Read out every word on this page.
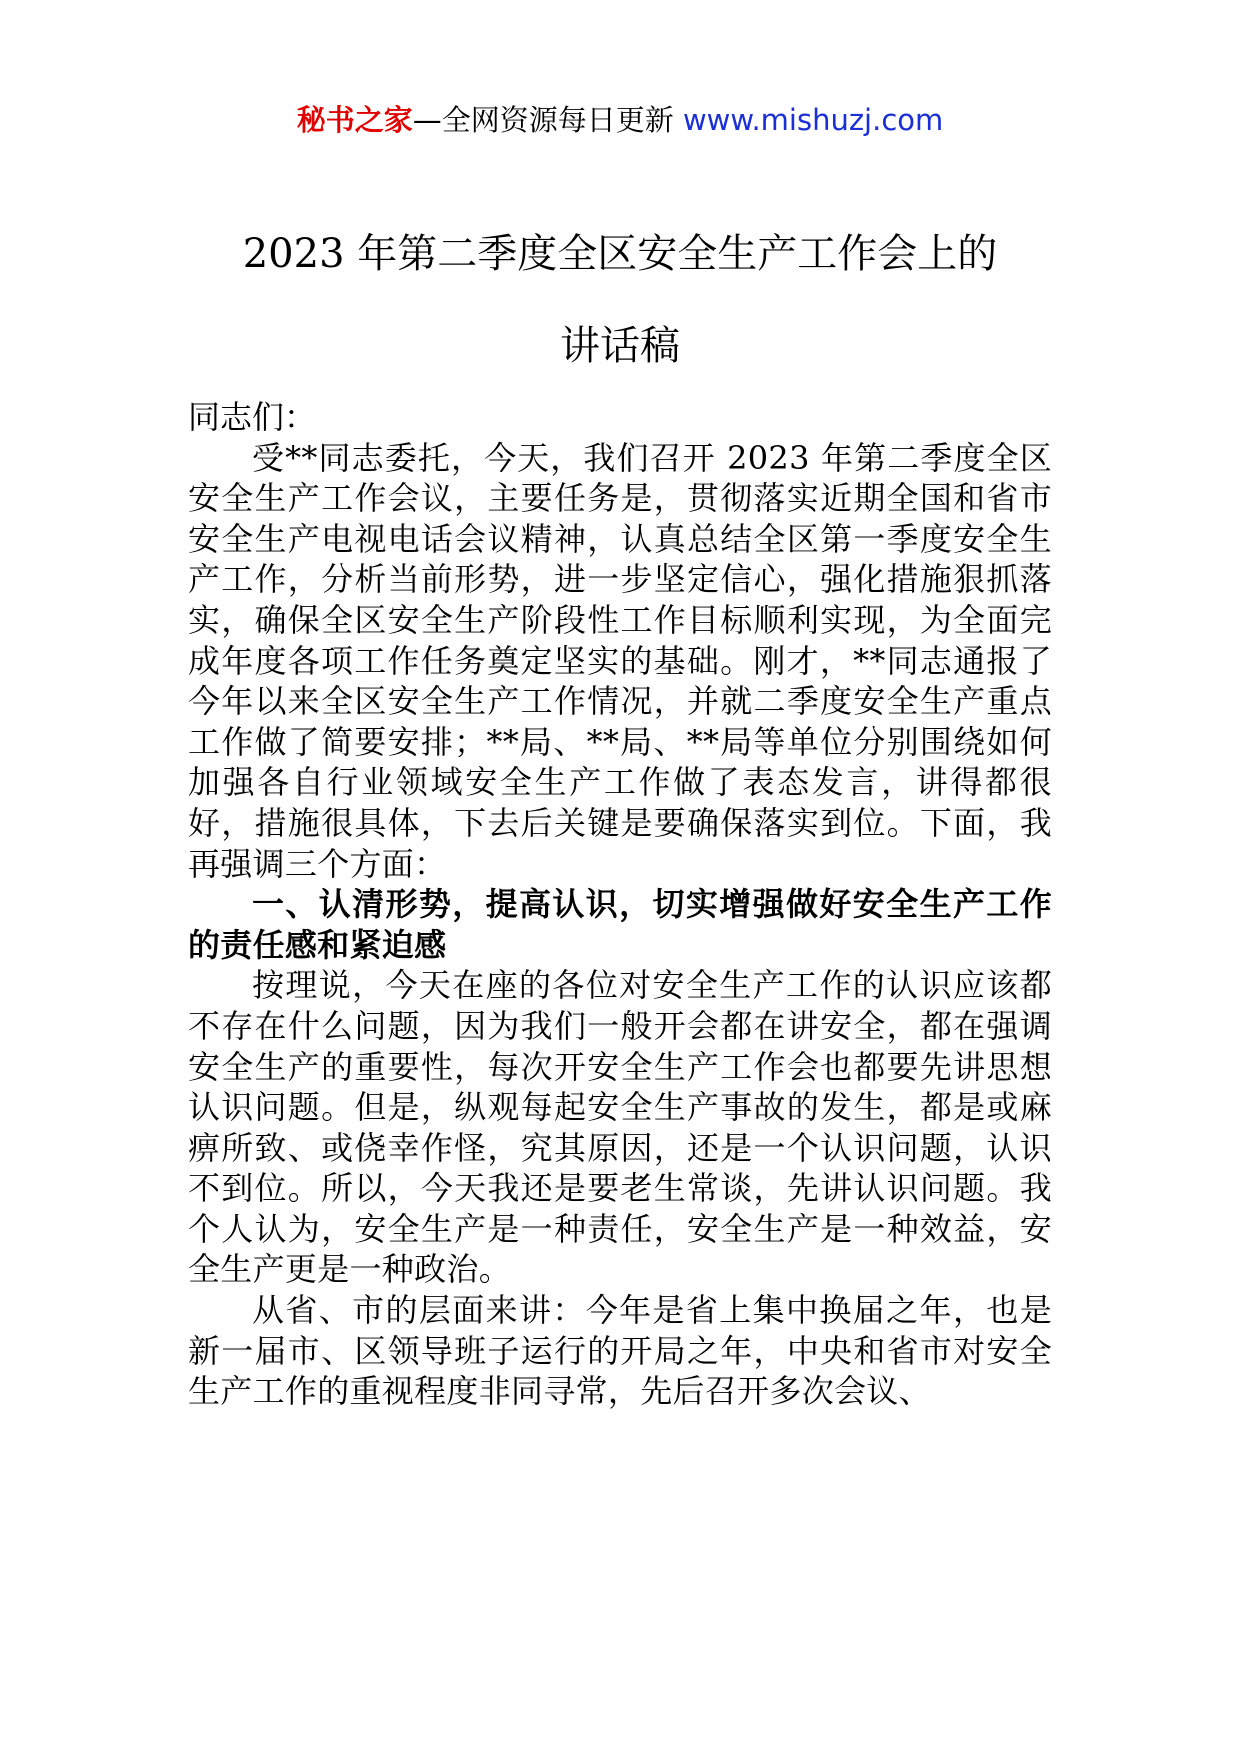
秘书之家—全网资源每日更新 www.mishuzj.com
2023 年第二季度全区安全生产工作会上的
讲话稿

同志们：

受**同志委托，今天，我们召开 2023 年第二季度全区安全生产工作会议，主要任务是，贯彻落实近期全国和省市安全生产电视电话会议精神，认真总结全区第一季度安全生产工作，分析当前形势，进一步坚定信心，强化措施狠抓落实，确保全区安全生产阶段性工作目标顺利实现，为全面完成年度各项工作任务奠定坚实的基础。刚才，**同志通报了今年以来全区安全生产工作情况，并就二季度安全生产重点工作做了简要安排；**局、**局、**局等单位分别围绕如何加强各自行业领域安全生产工作做了表态发言，讲得都很好，措施很具体，下去后关键是要确保落实到位。下面，我再强调三个方面：

一、认清形势，提高认识，切实增强做好安全生产工作的责任感和紧迫感

按理说，今天在座的各位对安全生产工作的认识应该都不存在什么问题，因为我们一般开会都在讲安全，都在强调安全生产的重要性，每次开安全生产工作会也都要先讲思想认识问题。但是，纵观每起安全生产事故的发生，都是或麻痹所致、或侥幸作怪，究其原因，还是一个认识问题，认识不到位。所以，今天我还是要老生常谈，先讲认识问题。我个人认为，安全生产是一种责任，安全生产是一种效益，安全生产更是一种政治。

从省、市的层面来讲：今年是省上集中换届之年，也是新一届市、区领导班子运行的开局之年，中央和省市对安全生产工作的重视程度非同寻常，先后召开多次会议、
